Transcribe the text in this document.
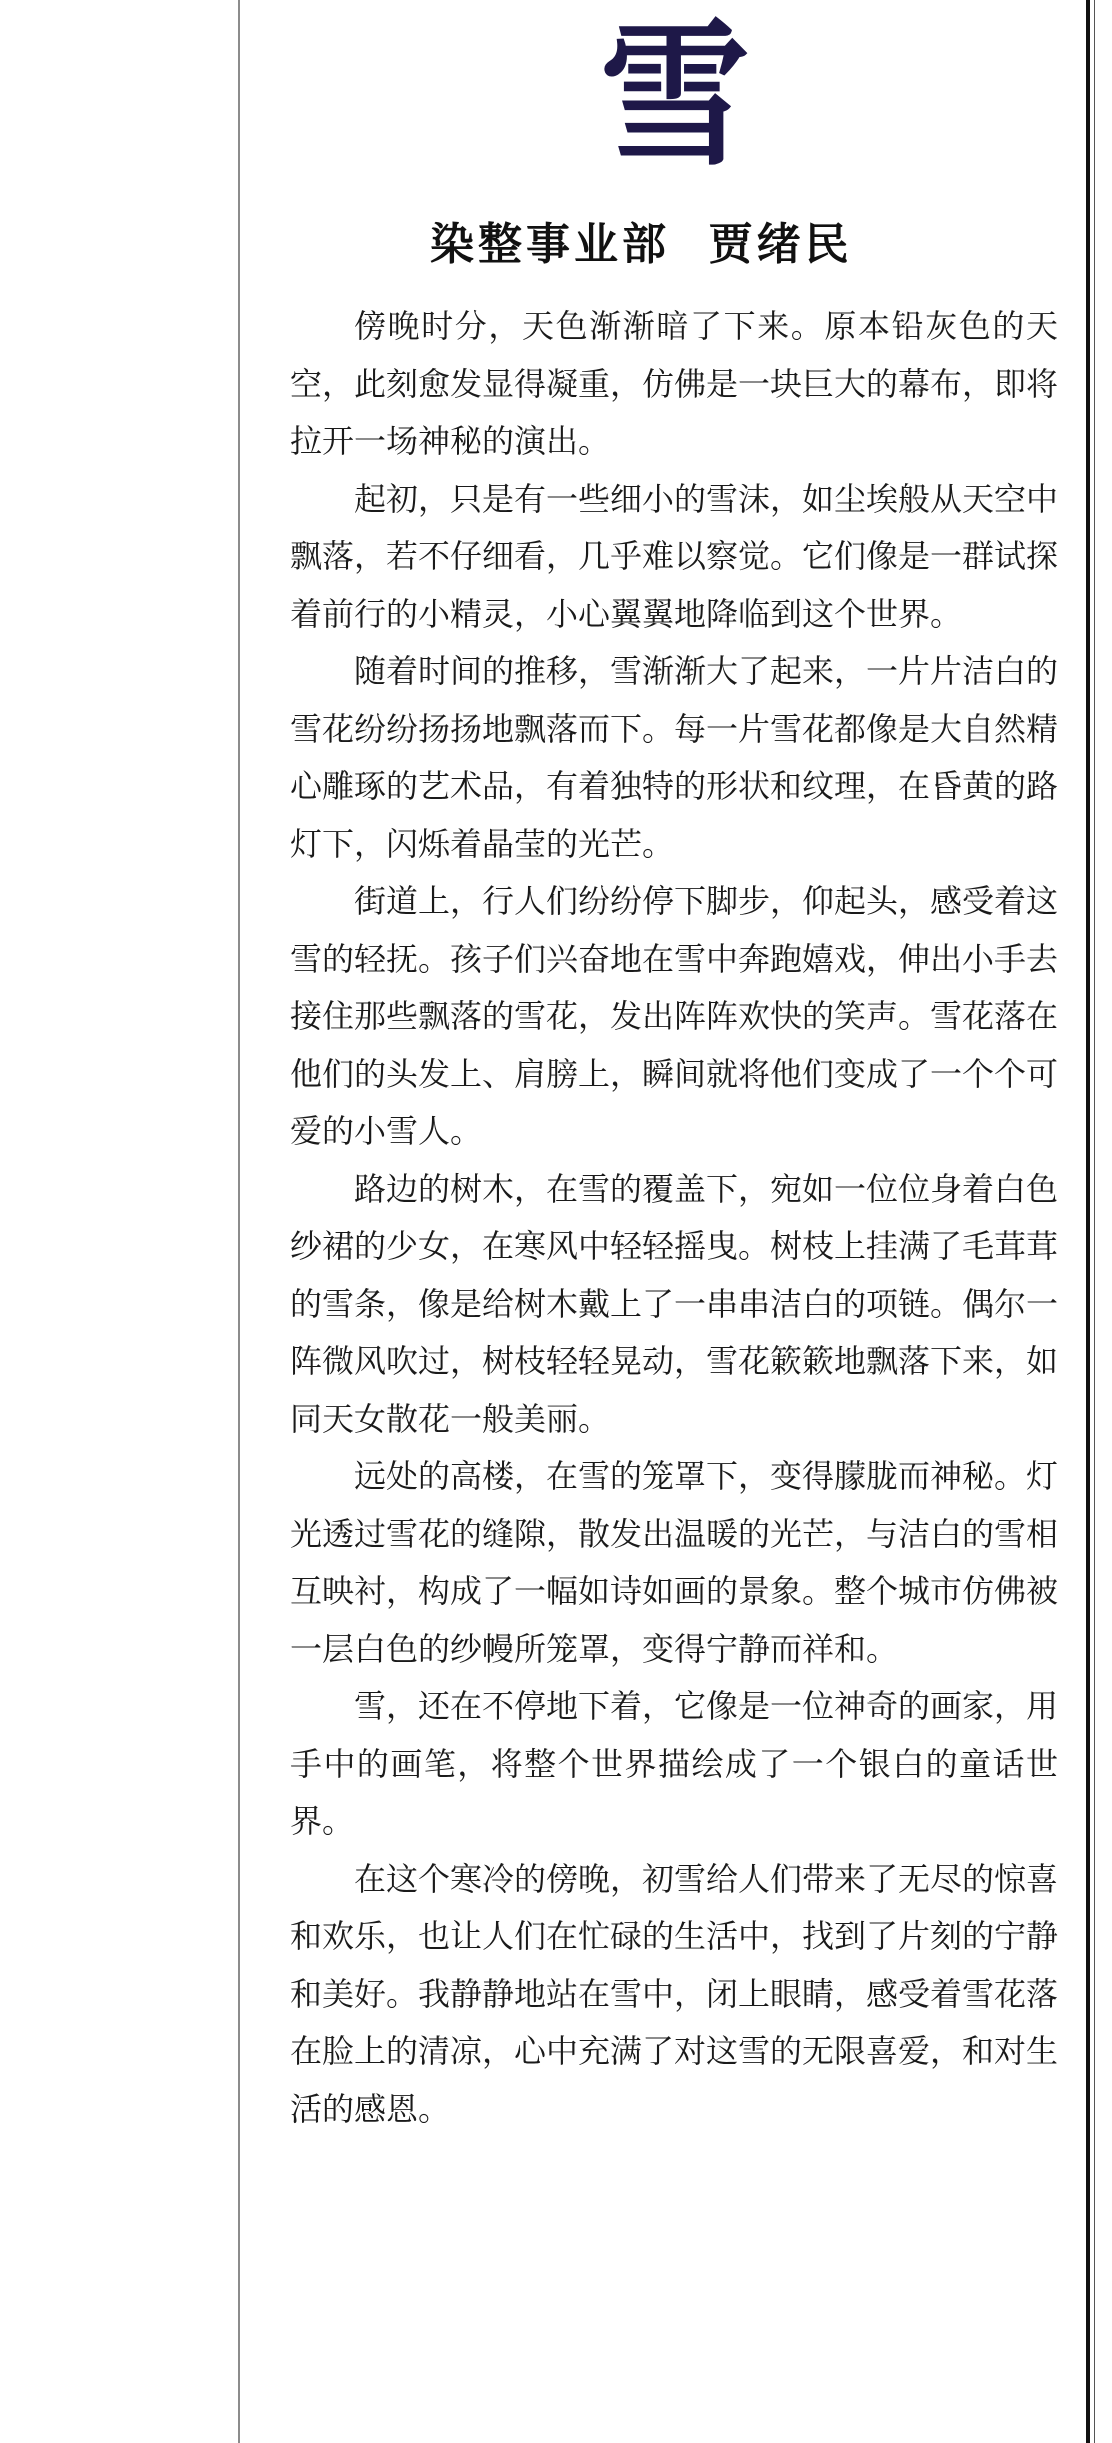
雪
染整事业部  贾绪民

傍晚时分，天色渐渐暗了下来。原本铅灰色的天空，此刻愈发显得凝重，仿佛是一块巨大的幕布，即将拉开一场神秘的演出。

起初，只是有一些细小的雪沫，如尘埃般从天空中飘落，若不仔细看，几乎难以察觉。它们像是一群试探着前行的小精灵，小心翼翼地降临到这个世界。

随着时间的推移，雪渐渐大了起来，一片片洁白的雪花纷纷扬扬地飘落而下。每一片雪花都像是大自然精心雕琢的艺术品，有着独特的形状和纹理，在昏黄的路灯下，闪烁着晶莹的光芒。

街道上，行人们纷纷停下脚步，仰起头，感受着这雪的轻抚。孩子们兴奋地在雪中奔跑嬉戏，伸出小手去接住那些飘落的雪花，发出阵阵欢快的笑声。雪花落在他们的头发上、肩膀上，瞬间就将他们变成了一个个可爱的小雪人。

路边的树木，在雪的覆盖下，宛如一位位身着白色纱裙的少女，在寒风中轻轻摇曳。树枝上挂满了毛茸茸的雪条，像是给树木戴上了一串串洁白的项链。偶尔一阵微风吹过，树枝轻轻晃动，雪花簌簌地飘落下来，如同天女散花一般美丽。

远处的高楼，在雪的笼罩下，变得朦胧而神秘。灯光透过雪花的缝隙，散发出温暖的光芒，与洁白的雪相互映衬，构成了一幅如诗如画的景象。整个城市仿佛被一层白色的纱幔所笼罩，变得宁静而祥和。

雪，还在不停地下着，它像是一位神奇的画家，用手中的画笔，将整个世界描绘成了一个银白的童话世界。

在这个寒冷的傍晚，初雪给人们带来了无尽的惊喜和欢乐，也让人们在忙碌的生活中，找到了片刻的宁静和美好。我静静地站在雪中，闭上眼睛，感受着雪花落在脸上的清凉，心中充满了对这雪的无限喜爱，和对生活的感恩。
